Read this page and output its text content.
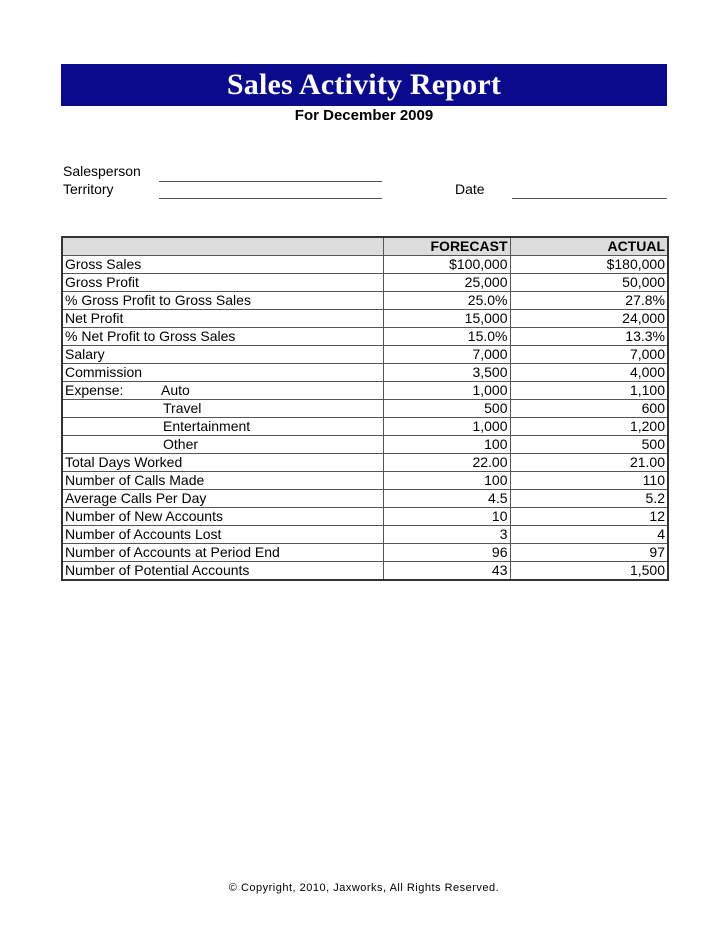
Sales Activity Report
For December 2009
Salesperson
Territory	Date
	FORECAST	ACTUAL
Gross Sales	$100,000	$180,000
Gross Profit	25,000	50,000
% Gross Profit to Gross Sales	25.0%	27.8%
Net Profit	15,000	24,000
% Net Profit to Gross Sales	15.0%	13.3%
Salary	7,000	7,000
Commission	3,500	4,000
Expense: Auto	1,000	1,100
Travel	500	600
Entertainment	1,000	1,200
Other	100	500
Total Days Worked	22.00	21.00
Number of Calls Made	100	110
Average Calls Per Day	4.5	5.2
Number of New Accounts	10	12
Number of Accounts Lost	3	4
Number of Accounts at Period End	96	97
Number of Potential Accounts	43	1,500
© Copyright, 2010, Jaxworks, All Rights Reserved.
